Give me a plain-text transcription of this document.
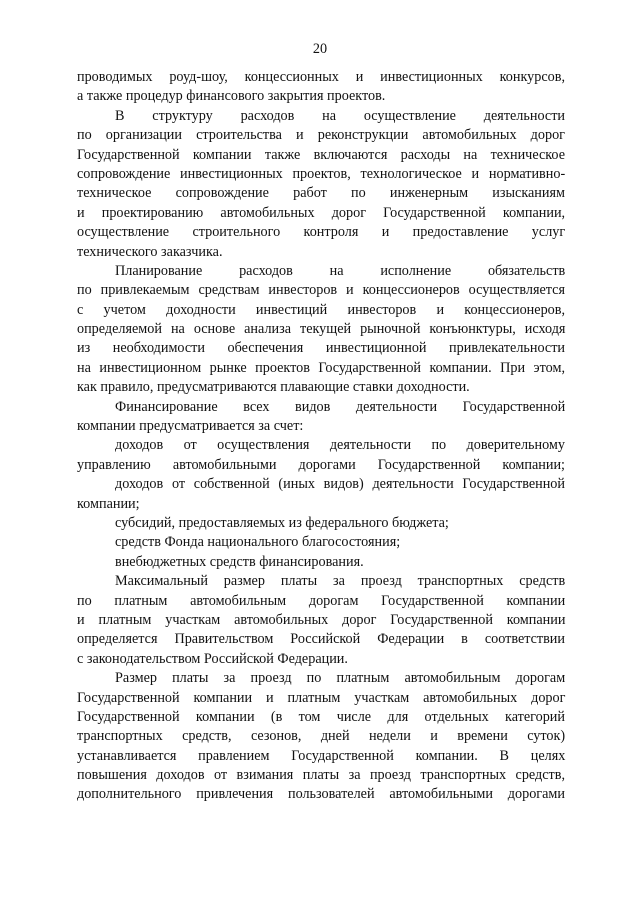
20
проводимых роуд-шоу, концессионных и инвестиционных конкурсов,
а также процедур финансового закрытия проектов.
В структуру расходов на осуществление деятельности
по организации строительства и реконструкции автомобильных дорог
Государственной компании также включаются расходы на техническое
сопровождение инвестиционных проектов, технологическое и нормативно-
техническое сопровождение работ по инженерным изысканиям
и проектированию автомобильных дорог Государственной компании,
осуществление строительного контроля и предоставление услуг
технического заказчика.
Планирование расходов на исполнение обязательств
по привлекаемым средствам инвесторов и концессионеров осуществляется
с учетом доходности инвестиций инвесторов и концессионеров,
определяемой на основе анализа текущей рыночной конъюнктуры, исходя
из необходимости обеспечения инвестиционной привлекательности
на инвестиционном рынке проектов Государственной компании. При этом,
как правило, предусматриваются плавающие ставки доходности.
Финансирование всех видов деятельности Государственной
компании предусматривается за счет:
доходов от осуществления деятельности по доверительному
управлению автомобильными дорогами Государственной компании;
доходов от собственной (иных видов) деятельности Государственной
компании;
субсидий, предоставляемых из федерального бюджета;
средств Фонда национального благосостояния;
внебюджетных средств финансирования.
Максимальный размер платы за проезд транспортных средств
по платным автомобильным дорогам Государственной компании
и платным участкам автомобильных дорог Государственной компании
определяется Правительством Российской Федерации в соответствии
с законодательством Российской Федерации.
Размер платы за проезд по платным автомобильным дорогам
Государственной компании и платным участкам автомобильных дорог
Государственной компании (в том числе для отдельных категорий
транспортных средств, сезонов, дней недели и времени суток)
устанавливается правлением Государственной компании. В целях
повышения доходов от взимания платы за проезд транспортных средств,
дополнительного привлечения пользователей автомобильными дорогами
